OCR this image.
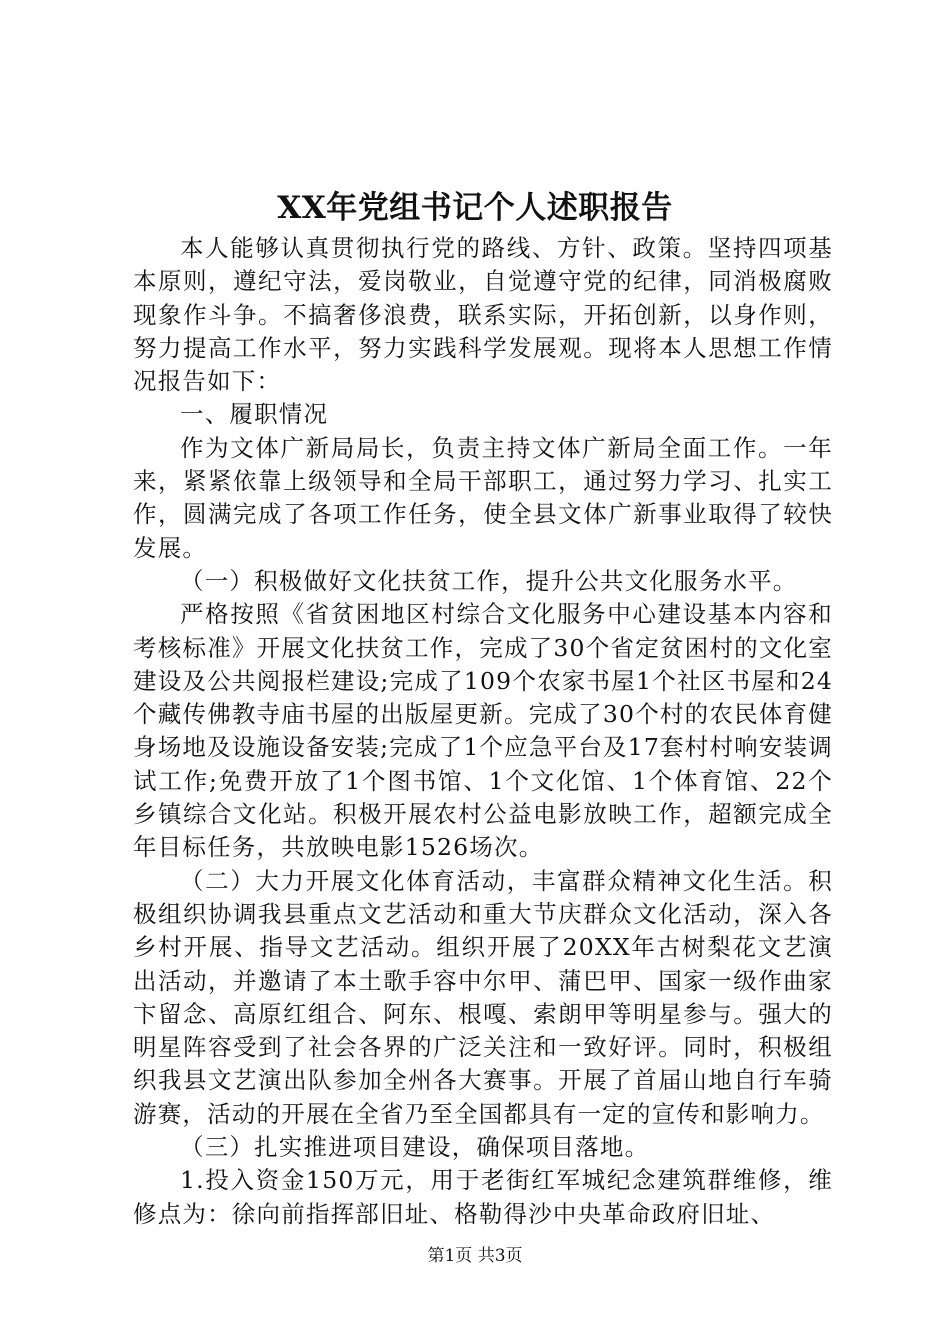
XX年党组书记个人述职报告

本人能够认真贯彻执行党的路线、方针、政策。坚持四项基本原则，遵纪守法，爱岗敬业，自觉遵守党的纪律，同消极腐败现象作斗争。不搞奢侈浪费，联系实际，开拓创新，以身作则，努力提高工作水平，努力实践科学发展观。现将本人思想工作情况报告如下：

一、履职情况

作为文体广新局局长，负责主持文体广新局全面工作。一年来，紧紧依靠上级领导和全局干部职工，通过努力学习、扎实工作，圆满完成了各项工作任务，使全县文体广新事业取得了较快发展。

（一）积极做好文化扶贫工作，提升公共文化服务水平。

严格按照《省贫困地区村综合文化服务中心建设基本内容和考核标准》开展文化扶贫工作，完成了30个省定贫困村的文化室建设及公共阅报栏建设;完成了109个农家书屋1个社区书屋和24个藏传佛教寺庙书屋的出版屋更新。完成了30个村的农民体育健身场地及设施设备安装;完成了1个应急平台及17套村村响安装调试工作;免费开放了1个图书馆、1个文化馆、1个体育馆、22个乡镇综合文化站。积极开展农村公益电影放映工作，超额完成全年目标任务，共放映电影1526场次。

（二）大力开展文化体育活动，丰富群众精神文化生活。积极组织协调我县重点文艺活动和重大节庆群众文化活动，深入各乡村开展、指导文艺活动。组织开展了20XX年古树梨花文艺演出活动，并邀请了本土歌手容中尔甲、蒲巴甲、国家一级作曲家卞留念、高原红组合、阿东、根嘎、索朗甲等明星参与。强大的明星阵容受到了社会各界的广泛关注和一致好评。同时，积极组织我县文艺演出队参加全州各大赛事。开展了首届山地自行车骑游赛，活动的开展在全省乃至全国都具有一定的宣传和影响力。

（三）扎实推进项目建设，确保项目落地。

1.投入资金150万元，用于老街红军城纪念建筑群维修，维修点为：徐向前指挥部旧址、格勒得沙中央革命政府旧址、

第1页 共3页
